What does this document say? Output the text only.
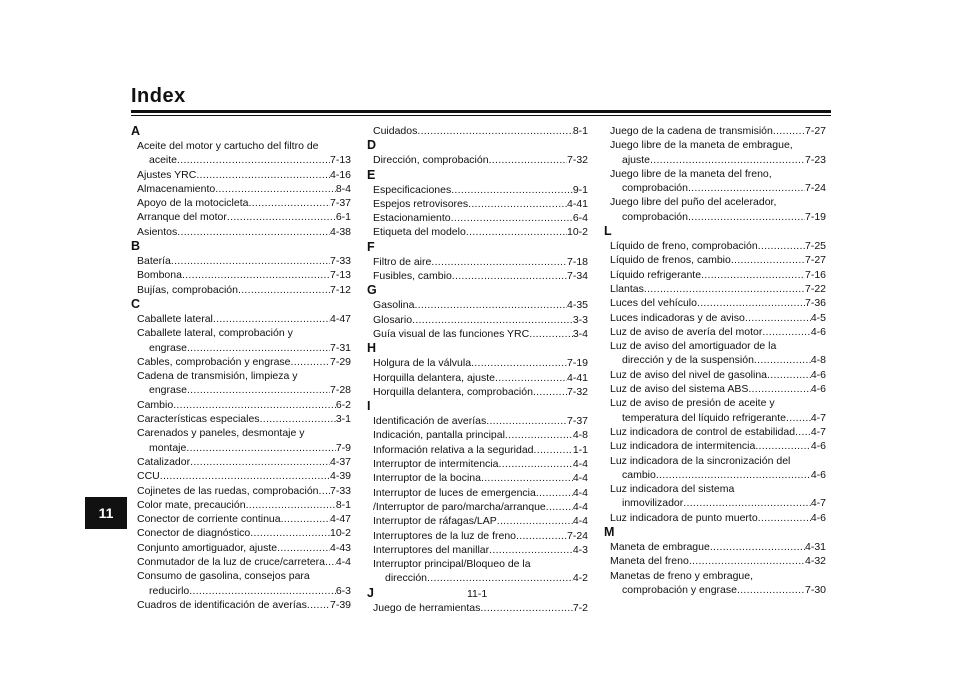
Index
A
Aceite del motor y cartucho del filtro de
aceite .....	7-13
Ajustes YRC .....	4-16
Almacenamiento .....	8-4
Apoyo de la motocicleta .....	7-37
Arranque del motor .....	6-1
Asientos .....	4-38
B
Batería .....	7-33
Bombona .....	7-13
Bujías, comprobación .....	7-12
C
Caballete lateral .....	4-47
Caballete lateral, comprobación y
engrase .....	7-31
Cables, comprobación y engrase .....	7-29
Cadena de transmisión, limpieza y
engrase .....	7-28
Cambio .....	6-2
Características especiales .....	3-1
Carenados y paneles, desmontaje y
montaje .....	7-9
Catalizador .....	4-37
CCU .....	4-39
Cojinetes de las ruedas, comprobación ..... 7-33
Color mate, precaución .....	8-1
Conector de corriente continua .....	4-47
Conector de diagnóstico .....	10-2
Conjunto amortiguador, ajuste .....	4-43
Conmutador de la luz de cruce/carretera ..... 4-4
Consumo de gasolina, consejos para
reducirlo .....	6-3
Cuadros de identificación de averías ..... 7-39
Cuidados .....	8-1
D
Dirección, comprobación .....	7-32
E
Especificaciones .....	9-1
Espejos retrovisores .....	4-41
Estacionamiento .....	6-4
Etiqueta del modelo .....	10-2
F
Filtro de aire .....	7-18
Fusibles, cambio .....	7-34
G
Gasolina .....	4-35
Glosario .....	3-3
Guía visual de las funciones YRC .....	3-4
H
Holgura de la válvula .....	7-19
Horquilla delantera, ajuste .....	4-41
Horquilla delantera, comprobación .....	7-32
I
Identificación de averías .....	7-37
Indicación, pantalla principal .....	4-8
Información relativa a la seguridad .....	1-1
Interruptor de intermitencia .....	4-4
Interruptor de la bocina .....	4-4
Interruptor de luces de emergencia .....	4-4
/Interruptor de paro/marcha/arranque .....	4-4
Interruptor de ráfagas/LAP .....	4-4
Interruptores de la luz de freno .....	7-24
Interruptores del manillar .....	4-3
Interruptor principal/Bloqueo de la
dirección .....	4-2
J
Juego de herramientas .....	7-2
Juego de la cadena de transmisión .....	7-27
Juego libre de la maneta de embrague,
ajuste .....	7-23
Juego libre de la maneta del freno,
comprobación .....	7-24
Juego libre del puño del acelerador,
comprobación .....	7-19
L
Líquido de freno, comprobación .....	7-25
Líquido de frenos, cambio .....	7-27
Líquido refrigerante .....	7-16
Llantas .....	7-22
Luces del vehículo .....	7-36
Luces indicadoras y de aviso .....	4-5
Luz de aviso de avería del motor .....	4-6
Luz de aviso del amortiguador de la
dirección y de la suspensión .....	4-8
Luz de aviso del nivel de gasolina .....	4-6
Luz de aviso del sistema ABS .....	4-6
Luz de aviso de presión de aceite y
temperatura del líquido refrigerante ..... 4-7
Luz indicadora de control de estabilidad ..... 4-7
Luz indicadora de intermitencia .....	4-6
Luz indicadora de la sincronización del
cambio .....	4-6
Luz indicadora del sistema
inmovilizador .....	4-7
Luz indicadora de punto muerto .....	4-6
M
Maneta de embrague .....	4-31
Maneta del freno .....	4-32
Manetas de freno y embrague,
comprobación y engrase .....	7-30
11
11-1
